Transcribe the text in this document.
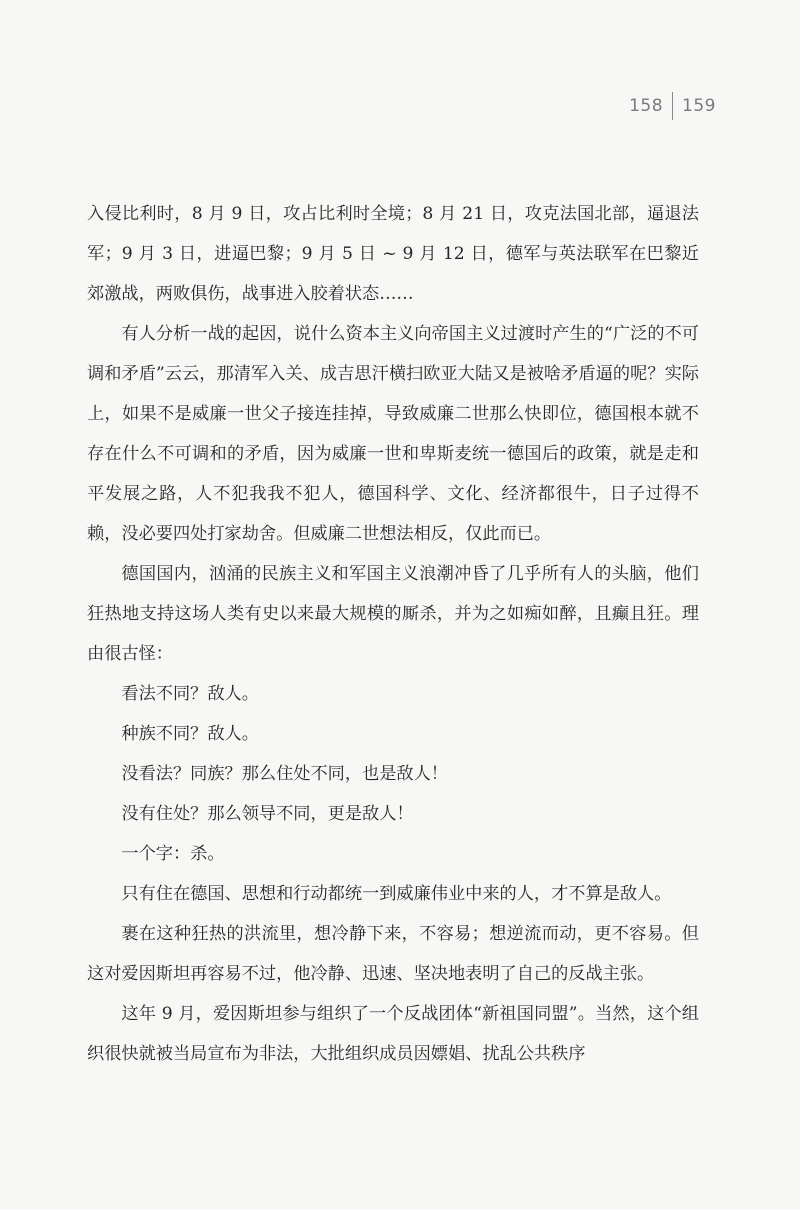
158 159

入侵比利时，8 月 9 日，攻占比利时全境；8 月 21 日，攻克法国北部，逼退法军；9 月 3 日，进逼巴黎；9 月 5 日 ~ 9 月 12 日，德军与英法联军在巴黎近郊激战，两败俱伤，战事进入胶着状态……

有人分析一战的起因，说什么资本主义向帝国主义过渡时产生的“广泛的不可调和矛盾”云云，那清军入关、成吉思汗横扫欧亚大陆又是被啥矛盾逼的呢？实际上，如果不是威廉一世父子接连挂掉，导致威廉二世那么快即位，德国根本就不存在什么不可调和的矛盾，因为威廉一世和卑斯麦统一德国后的政策，就是走和平发展之路，人不犯我我不犯人，德国科学、文化、经济都很牛，日子过得不赖，没必要四处打家劫舍。但威廉二世想法相反，仅此而已。

德国国内，汹涌的民族主义和军国主义浪潮冲昏了几乎所有人的头脑，他们狂热地支持这场人类有史以来最大规模的厮杀，并为之如痴如醉，且癫且狂。理由很古怪：

看法不同？敌人。

种族不同？敌人。

没看法？同族？那么住处不同，也是敌人！

没有住处？那么领导不同，更是敌人！

一个字：杀。

只有住在德国、思想和行动都统一到威廉伟业中来的人，才不算是敌人。

裹在这种狂热的洪流里，想冷静下来，不容易；想逆流而动，更不容易。但这对爱因斯坦再容易不过，他冷静、迅速、坚决地表明了自己的反战主张。

这年 9 月，爱因斯坦参与组织了一个反战团体“新祖国同盟”。当然，这个组织很快就被当局宣布为非法，大批组织成员因嫖娼、扰乱公共秩序
